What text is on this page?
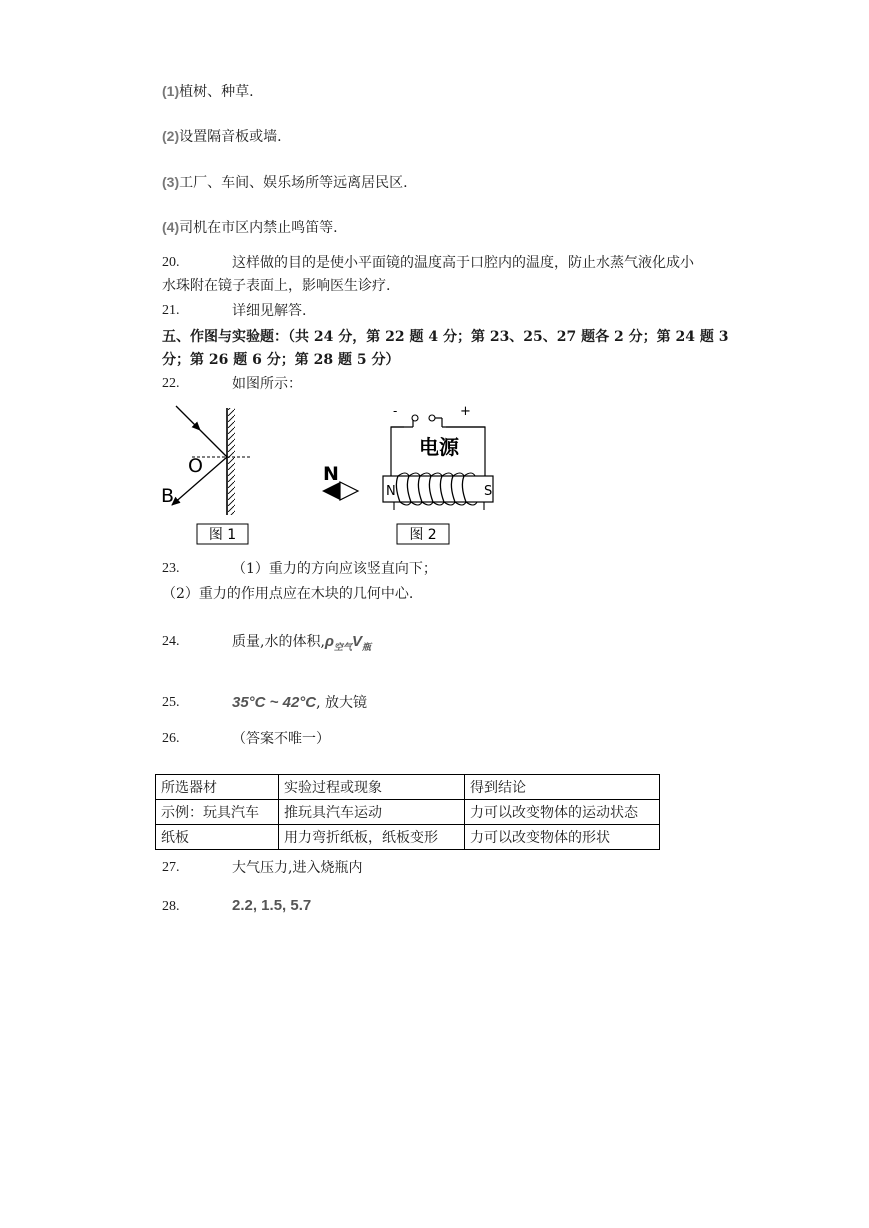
(1)植树、种草.
(2)设置隔音板或墙.
(3)工厂、车间、娱乐场所等远离居民区.
(4)司机在市区内禁止鸣笛等.
20.	这样做的目的是使小平面镜的温度高于口腔内的温度，防止水蒸气液化成小
水珠附在镜子表面上，影响医生诊疗.
21.	详细见解答.
五、作图与实验题：（共 24 分，第 22 题 4 分；第 23、25、27 题各 2 分；第 24 题 3
分；第 26 题 6 分；第 28 题 5 分）
22.	如图所示：
O
B
图 1
-	+
电源
N	S
N
图 2
23.	（1）重力的方向应该竖直向下；
（2）重力的作用点应在木块的几何中心.
24.	质量,水的体积$,\rho_{空气}V_瓶$
25.	35°C ~ 42°C, 放大镜
26.	（答案不唯一）
所选器材	实验过程或现象	得到结论
示例：玩具汽车	推玩具汽车运动	力可以改变物体的运动状态
纸板	用力弯折纸板，纸板变形	力可以改变物体的形状
27.	大气压力,进入烧瓶内
28.	2.2, 1.5, 5.7
